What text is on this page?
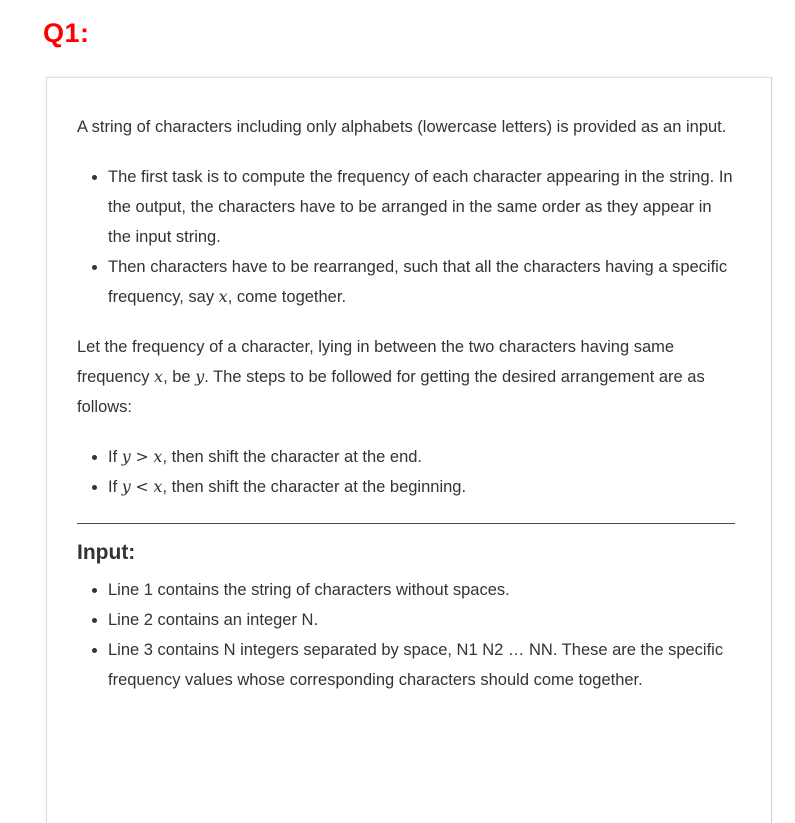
Q1:

A string of characters including only alphabets (lowercase letters) is provided as an input.

• The first task is to compute the frequency of each character appearing in the string. In the output, the characters have to be arranged in the same order as they appear in the input string.
• Then characters have to be rearranged, such that all the characters having a specific frequency, say x, come together.

Let the frequency of a character, lying in between the two characters having same frequency x, be y. The steps to be followed for getting the desired arrangement are as follows:

• If y > x, then shift the character at the end.
• If y < x, then shift the character at the beginning.
Input:
• Line 1 contains the string of characters without spaces.
• Line 2 contains an integer N.
• Line 3 contains N integers separated by space, N1 N2 … NN. These are the specific frequency values whose corresponding characters should come together.
